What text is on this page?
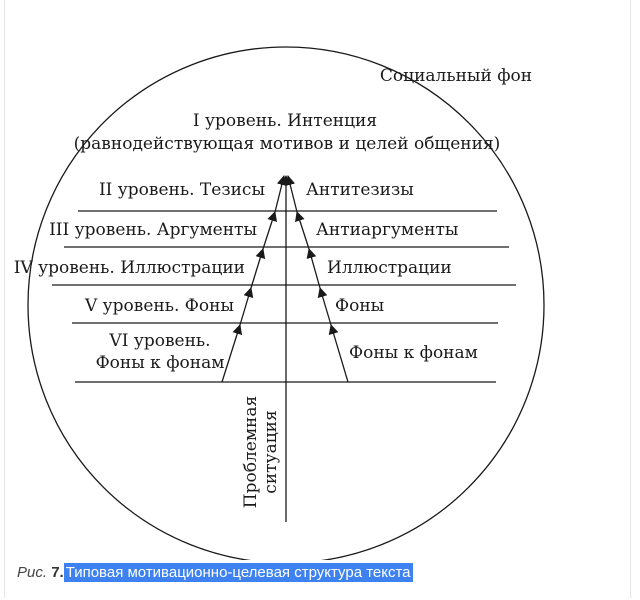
Социальный фон
I уровень. Интенция
(равнодействующая мотивов и целей общения)
II уровень. Тезисы
III уровень. Аргументы
IV уровень. Иллюстрации
V уровень. Фоны
VI уровень.
Фоны к фонам
Антитезизы
Антиаргументы
Иллюстрации
Фоны
Фоны к фонам
Проблемная ситуация
Рис. 7. Типовая мотивационно-целевая структура текста
